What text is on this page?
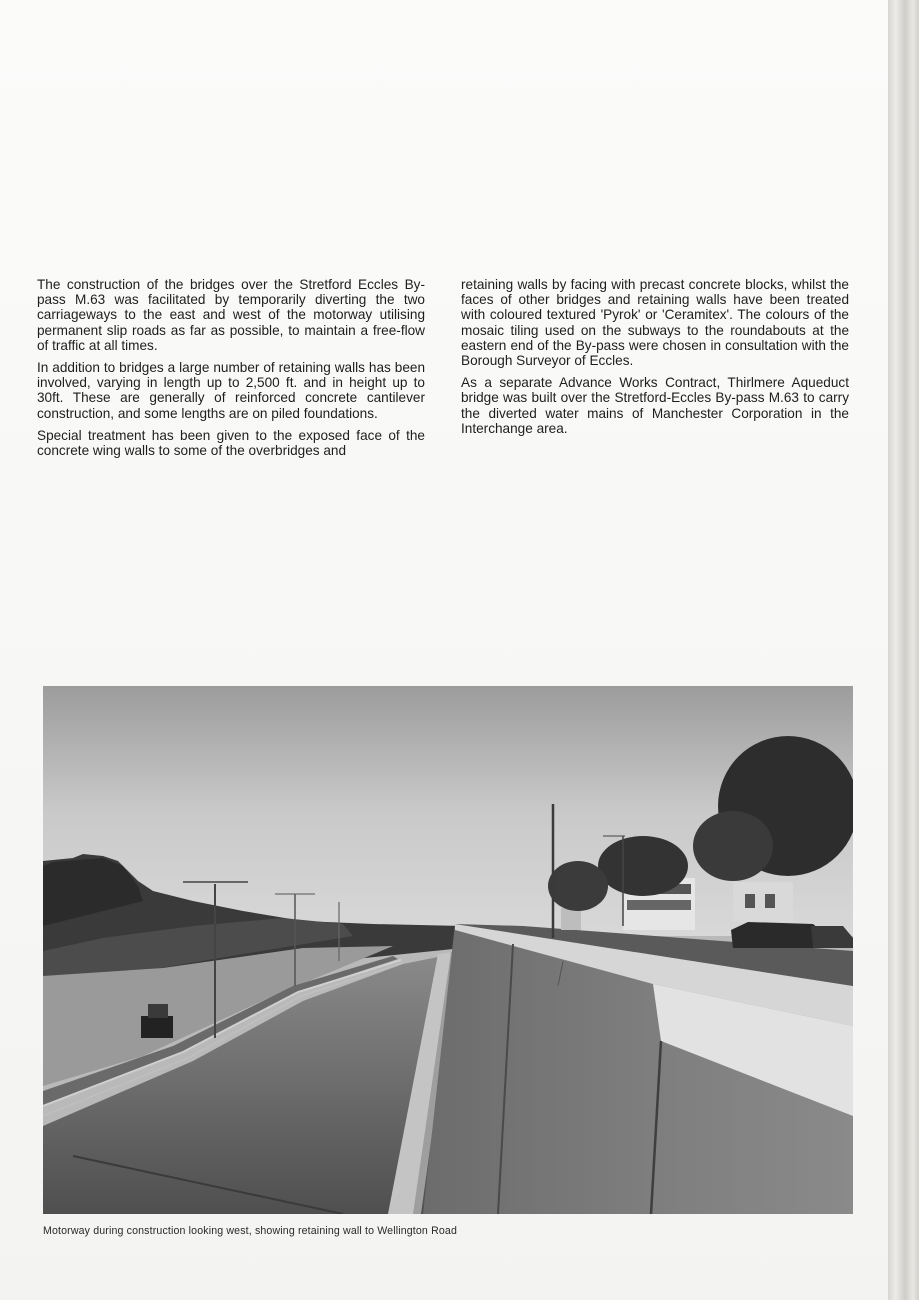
The construction of the bridges over the Stretford Eccles By-pass M.63 was facilitated by temporarily diverting the two carriageways to the east and west of the motorway utilising permanent slip roads as far as possible, to maintain a free-flow of traffic at all times.

In addition to bridges a large number of retaining walls has been involved, varying in length up to 2,500 ft. and in height up to 30ft. These are generally of reinforced concrete cantilever construction, and some lengths are on piled foundations.

Special treatment has been given to the exposed face of the concrete wing walls to some of the overbridges and

retaining walls by facing with precast concrete blocks, whilst the faces of other bridges and retaining walls have been treated with coloured textured 'Pyrok' or 'Ceramitex'. The colours of the mosaic tiling used on the subways to the roundabouts at the eastern end of the By-pass were chosen in consultation with the Borough Surveyor of Eccles.

As a separate Advance Works Contract, Thirlmere Aqueduct bridge was built over the Stretford-Eccles By-pass M.63 to carry the diverted water mains of Manchester Corporation in the Interchange area.

Motorway during construction looking west, showing retaining wall to Wellington Road
